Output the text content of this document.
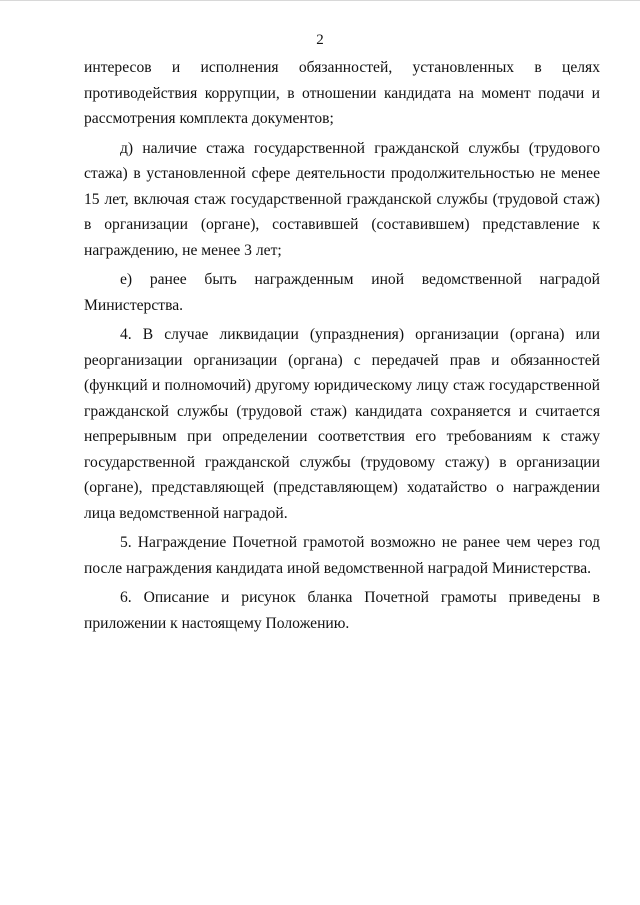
2

интересов и исполнения обязанностей, установленных в целях противодействия коррупции, в отношении кандидата на момент подачи и рассмотрения комплекта документов;

д) наличие стажа государственной гражданской службы (трудового стажа) в установленной сфере деятельности продолжительностью не менее 15 лет, включая стаж государственной гражданской службы (трудовой стаж) в организации (органе), составившей (составившем) представление к награждению, не менее 3 лет;

е) ранее быть награжденным иной ведомственной наградой Министерства.

4. В случае ликвидации (упразднения) организации (органа) или реорганизации организации (органа) с передачей прав и обязанностей (функций и полномочий) другому юридическому лицу стаж государственной гражданской службы (трудовой стаж) кандидата сохраняется и считается непрерывным при определении соответствия его требованиям к стажу государственной гражданской службы (трудовому стажу) в организации (органе), представляющей (представляющем) ходатайство о награждении лица ведомственной наградой.

5. Награждение Почетной грамотой возможно не ранее чем через год после награждения кандидата иной ведомственной наградой Министерства.

6. Описание и рисунок бланка Почетной грамоты приведены в приложении к настоящему Положению.
